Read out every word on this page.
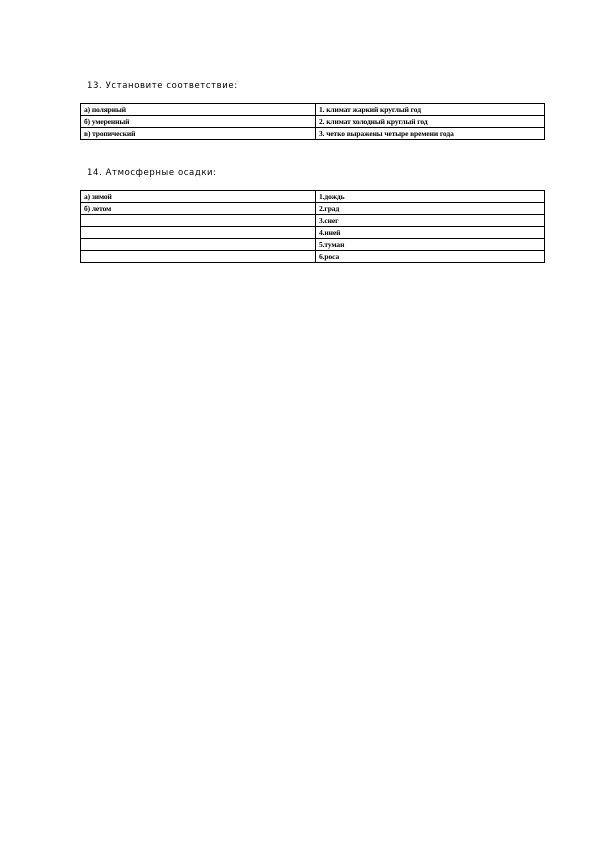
13. Установите соответствие:
а) полярный	1. климат жаркий круглый год
б) умеренный	2. климат холодный круглый год
в) тропический	3. четко выражены четыре времени года
14. Атмосферные осадки:
а) зимой	1.дождь
б) летом	2.град
	3.снег
	4.иней
	5.туман
	6.роса
